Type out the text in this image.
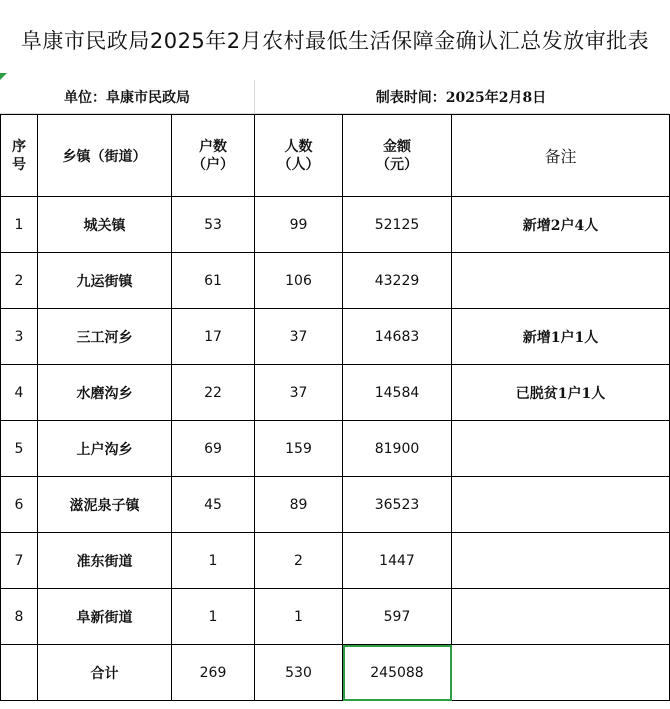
阜康市民政局2025年2月农村最低生活保障金确认汇总发放审批表
单位：阜康市民政局	制表时间：2025年2月8日
序号	乡镇（街道）	户数（户）	人数（人）	金额（元）	备注
1	城关镇	53	99	52125	新增2户4人
2	九运街镇	61	106	43229	
3	三工河乡	17	37	14683	新增1户1人
4	水磨沟乡	22	37	14584	已脱贫1户1人
5	上户沟乡	69	159	81900	
6	滋泥泉子镇	45	89	36523	
7	准东街道	1	2	1447	
8	阜新街道	1	1	597	
	合计	269	530	245088	
